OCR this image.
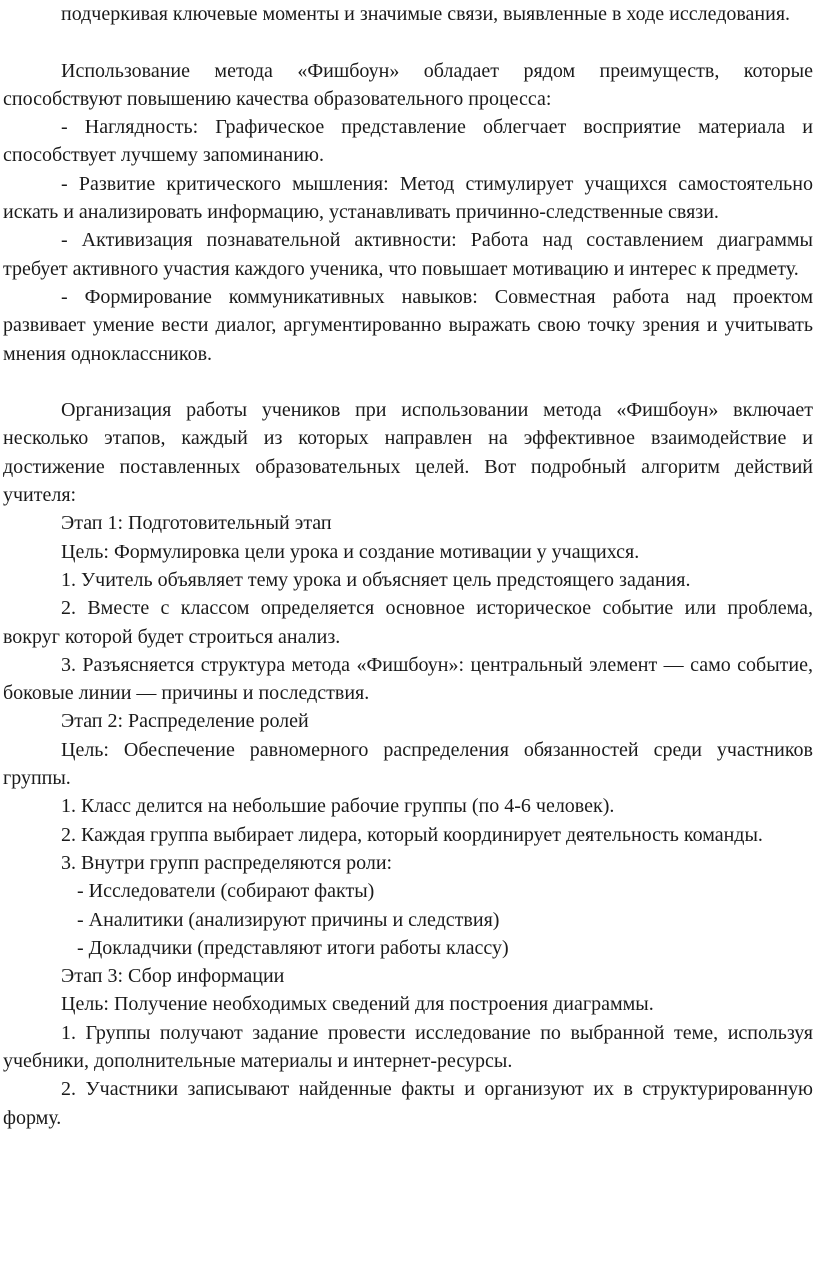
подчеркивая ключевые моменты и значимые связи, выявленные в ходе исследования.

Использование метода «Фишбоун» обладает рядом преимуществ, которые способствуют повышению качества образовательного процесса:

- Наглядность: Графическое представление облегчает восприятие материала и способствует лучшему запоминанию.

- Развитие критического мышления: Метод стимулирует учащихся самостоятельно искать и анализировать информацию, устанавливать причинно-следственные связи.

- Активизация познавательной активности: Работа над составлением диаграммы требует активного участия каждого ученика, что повышает мотивацию и интерес к предмету.

- Формирование коммуникативных навыков: Совместная работа над проектом развивает умение вести диалог, аргументированно выражать свою точку зрения и учитывать мнения одноклассников.

Организация работы учеников при использовании метода «Фишбоун» включает несколько этапов, каждый из которых направлен на эффективное взаимодействие и достижение поставленных образовательных целей. Вот подробный алгоритм действий учителя:

Этап 1: Подготовительный этап

Цель: Формулировка цели урока и создание мотивации у учащихся.

1. Учитель объявляет тему урока и объясняет цель предстоящего задания.

2. Вместе с классом определяется основное историческое событие или проблема, вокруг которой будет строиться анализ.

3. Разъясняется структура метода «Фишбоун»: центральный элемент — само событие, боковые линии — причины и последствия.

Этап 2: Распределение ролей

Цель: Обеспечение равномерного распределения обязанностей среди участников группы.

1. Класс делится на небольшие рабочие группы (по 4-6 человек).

2. Каждая группа выбирает лидера, который координирует деятельность команды.

3. Внутри групп распределяются роли:

- Исследователи (собирают факты)

- Аналитики (анализируют причины и следствия)

- Докладчики (представляют итоги работы классу)

Этап 3: Сбор информации

Цель: Получение необходимых сведений для построения диаграммы.

1. Группы получают задание провести исследование по выбранной теме, используя учебники, дополнительные материалы и интернет-ресурсы.

2. Участники записывают найденные факты и организуют их в структурированную форму.
